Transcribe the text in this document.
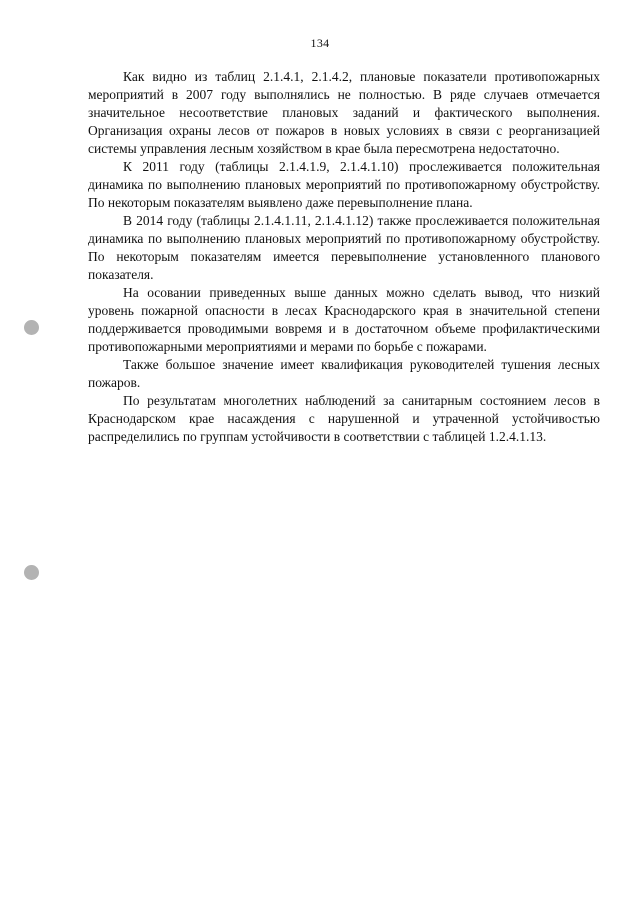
134

Как видно из таблиц 2.1.4.1, 2.1.4.2, плановые показатели противопожарных мероприятий в 2007 году выполнялись не полностью. В ряде случаев отмечается значительное несоответствие плановых заданий и фактического выполнения. Организация охраны лесов от пожаров в новых условиях в связи с реорганизацией системы управления лесным хозяйством в крае была пересмотрена недостаточно.

К 2011 году (таблицы 2.1.4.1.9, 2.1.4.1.10) прослеживается положительная динамика по выполнению плановых мероприятий по противопожарному обустройству. По некоторым показателям выявлено даже перевыполнение плана.

В 2014 году (таблицы 2.1.4.1.11, 2.1.4.1.12) также прослеживается положительная динамика по выполнению плановых мероприятий по противопожарному обустройству. По некоторым показателям имеется перевыполнение установленного планового показателя.

На осовании приведенных выше данных можно сделать вывод, что низкий уровень пожарной опасности в лесах Краснодарского края в значительной степени поддерживается проводимыми вовремя и в достаточном объеме профилактическими противопожарными мероприятиями и мерами по борьбе с пожарами.

Также большое значение имеет квалификация руководителей тушения лесных пожаров.

По результатам многолетних наблюдений за санитарным состоянием лесов в Краснодарском крае насаждения с нарушенной и утраченной устойчивостью распределились по группам устойчивости в соответствии с таблицей 1.2.4.1.13.
